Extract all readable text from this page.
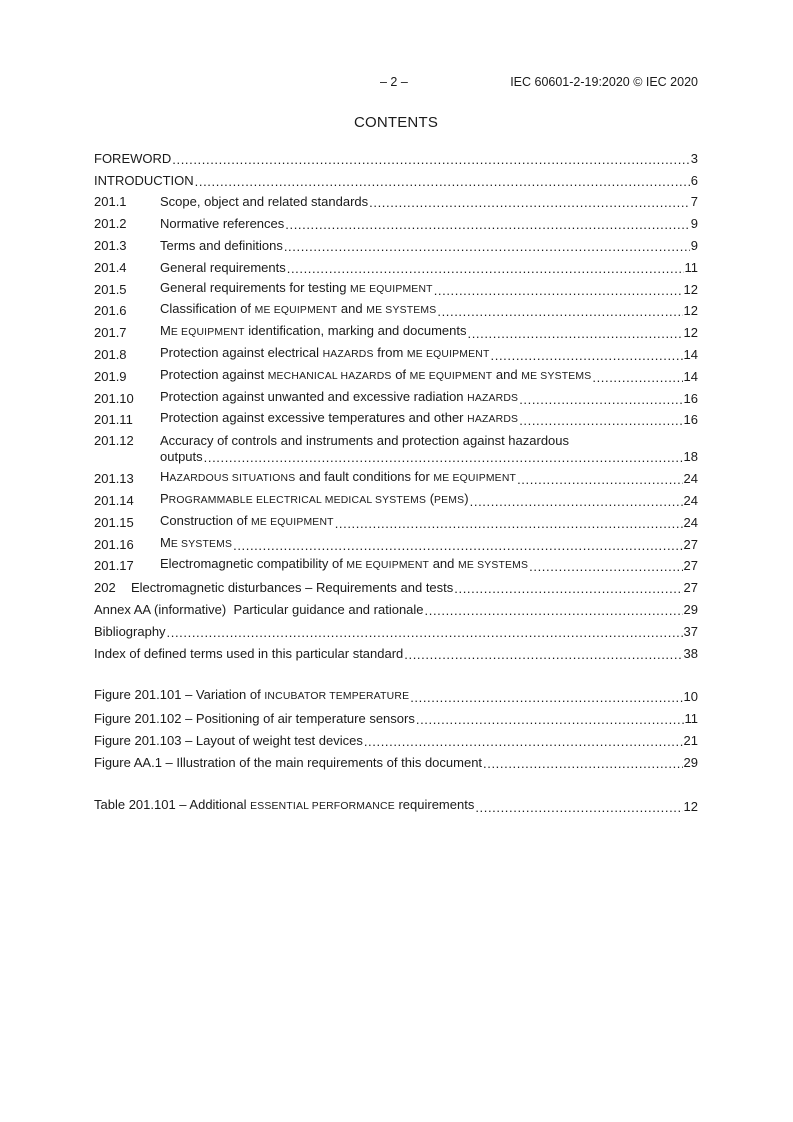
– 2 –	IEC 60601-2-19:2020 © IEC 2020
CONTENTS
FOREWORD .....	3
INTRODUCTION .....	6
201.1	Scope, object and related standards .....	7
201.2	Normative references .....	9
201.3	Terms and definitions .....	9
201.4	General requirements .....	11
201.5	General requirements for testing ME EQUIPMENT .....	12
201.6	Classification of ME EQUIPMENT and ME SYSTEMS .....	12
201.7	ME EQUIPMENT identification, marking and documents .....	12
201.8	Protection against electrical HAZARDS from ME EQUIPMENT .....	14
201.9	Protection against MECHANICAL HAZARDS of ME EQUIPMENT and ME SYSTEMS .....	14
201.10	Protection against unwanted and excessive radiation HAZARDS .....	16
201.11	Protection against excessive temperatures and other HAZARDS .....	16
201.12	Accuracy of controls and instruments and protection against hazardous
outputs .....	18
201.13	HAZARDOUS SITUATIONS and fault conditions for ME EQUIPMENT .....	24
201.14	PROGRAMMABLE ELECTRICAL MEDICAL SYSTEMS (PEMS) .....	24
201.15	Construction of ME EQUIPMENT .....	24
201.16	ME SYSTEMS .....	27
201.17	Electromagnetic compatibility of ME EQUIPMENT and ME SYSTEMS .....	27
202	Electromagnetic disturbances – Requirements and tests .....	27
Annex AA (informative)  Particular guidance and rationale .....	29
Bibliography .....	37
Index of defined terms used in this particular standard .....	38
Figure 201.101 – Variation of INCUBATOR TEMPERATURE .....	10
Figure 201.102 – Positioning of air temperature sensors .....	11
Figure 201.103 – Layout of weight test devices .....	21
Figure AA.1 – Illustration of the main requirements of this document .....	29
Table 201.101 – Additional ESSENTIAL PERFORMANCE requirements .....	12
